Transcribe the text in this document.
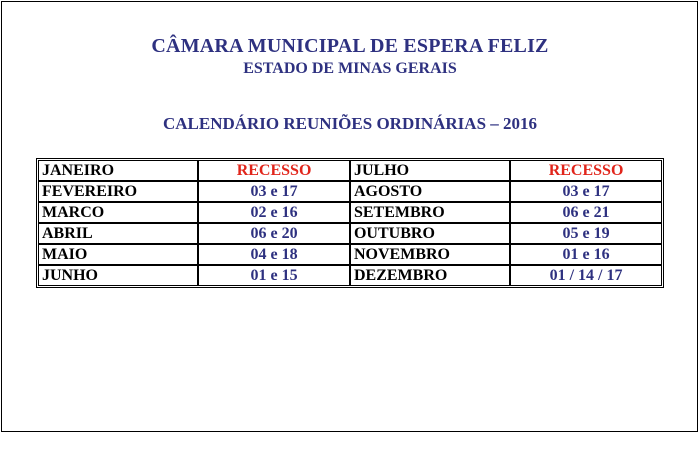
CÂMARA MUNICIPAL DE ESPERA FELIZ
ESTADO DE MINAS GERAIS
CALENDÁRIO REUNIÕES ORDINÁRIAS – 2016
JANEIRO	RECESSO	JULHO	RECESSO
FEVEREIRO	03 e 17	AGOSTO	03 e 17
MARCO	02 e 16	SETEMBRO	06 e 21
ABRIL	06 e 20	OUTUBRO	05 e 19
MAIO	04 e 18	NOVEMBRO	01 e 16
JUNHO	01 e 15	DEZEMBRO	01 / 14 / 17
